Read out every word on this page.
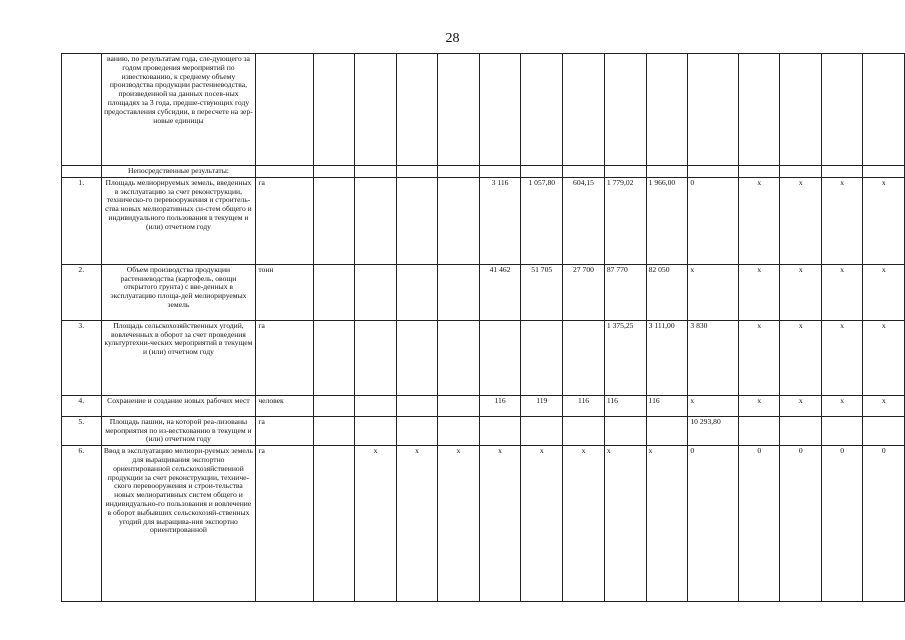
28
	ванию, по результатам года, сле-дующего за годом проведения мероприятий по известкованию, к среднему объему производства продукции растениеводства, произведенной на данных посев-ных площадях за 3 года, предше-ствующих году предоставления субсидии, в пересчете на зер-новые единицы															
	Непосредственные результаты:															
1.	Площадь мелиорируемых земель, введенных в эксплуатацию за счет реконструкции, техническо-го перевооружения и строитель-ства новых мелиоративных си-стем общего и индивидуального пользования в текущем и (или) отчетном году	га					3 116	1 057,80	604,15	1 779,02	1 966,00	0	х	х	х	х
2.	Объем производства продукции растениеводства (картофель, овощи открытого грунта) с вве-денных в эксплуатацию площа-дей мелиорируемых земель	тонн					41 462	51 705	27 700	87 770	82 050	х	х	х	х	х
3.	Площадь сельскохозяйственных угодий, вовлеченных в оборот за счет проведения культуртехни-ческих мероприятий в текущем и (или) отчетном году	га								1 375,25	3 111,00	3 830	х	х	х	х
4.	Сохранение и создание новых рабочих мест	человек					116	119	116	116	116	х	х	х	х	х
5.	Площадь пашни, на которой реа-лизованы мероприятия по из-весткованию в текущем и (или) отчетном году	га										10 293,80				
6.	Ввод в эксплуатацию мелиори-руемых земель для выращивания экспортно ориентированной сельскохозяйственной продукции за счет реконструкции, техниче-ского перевооружения и строи-тельства новых мелиоративных систем общего и индивидуально-го пользования и вовлечение в оборот выбывших сельскохозяй-ственных угодий для выращива-ния экспортно ориентированной	га		х	х	х	х	х	х	х	х	0	0	0	0	0
